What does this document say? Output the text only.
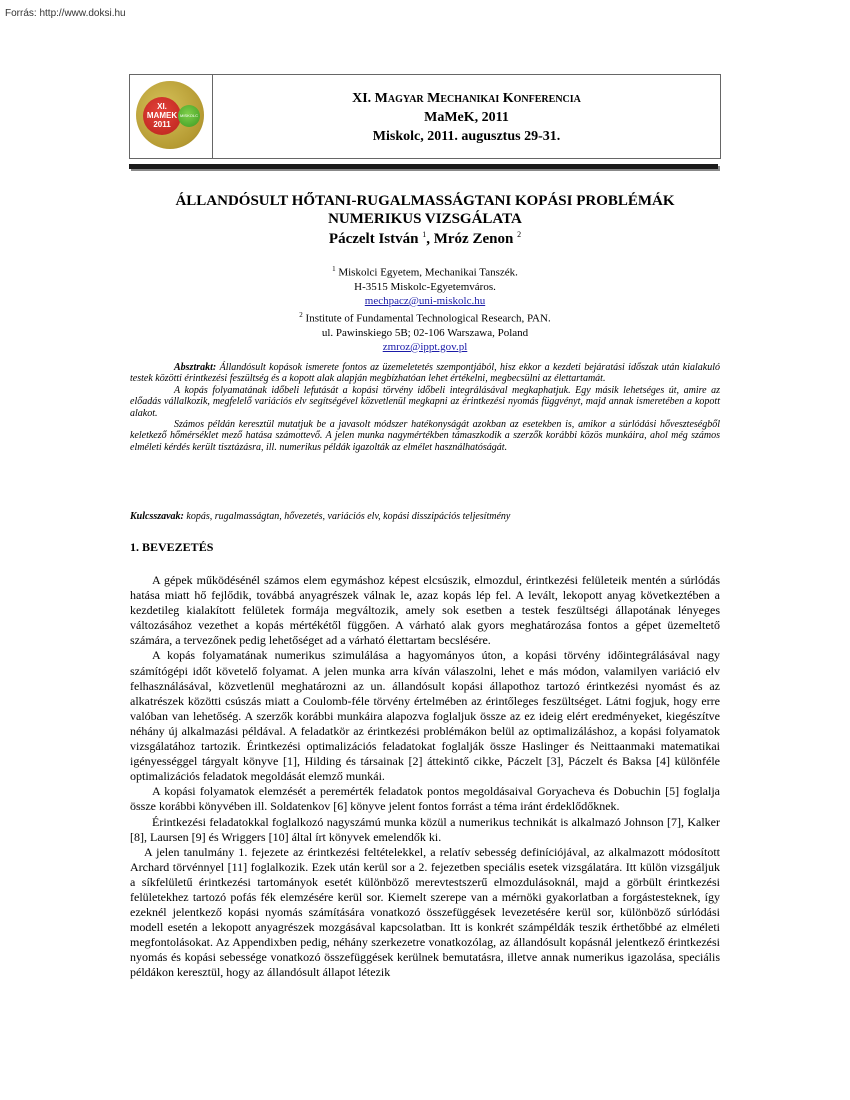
Forrás: http://www.doksi.hu
XI.
MAMEK
2011
MISKOLC
XI. Magyar Mechanikai Konferencia
MaMeK, 2011
Miskolc, 2011. augusztus 29-31.
ÁLLANDÓSULT HŐTANI-RUGALMASSÁGTANI KOPÁSI PROBLÉMÁK
NUMERIKUS VIZSGÁLATA
Páczelt István $^1$, Mróz Zenon $^2$
$^1$ Miskolci Egyetem, Mechanikai Tanszék.
H-3515 Miskolc-Egyetemváros.
mechpacz@uni-miskolc.hu
$^2$ Institute of Fundamental Technological Research, PAN.
ul. Pawinskiego 5B; 02-106 Warszawa, Poland
zmroz@ippt.gov.pl

Absztrakt: Állandósult kopások ismerete fontos az üzemeletetés szempontjából, hisz ekkor a kezdeti bejáratási időszak után kialakuló testek közötti érintkezési feszültség és a kopott alak alapján megbízhatóan lehet értékelni, megbecsülni az élettartamát.

A kopás folyamatának időbeli lefutását a kopási törvény időbeli integrálásával megkaphatjuk. Egy másik lehetséges út, amire az előadás vállalkozik, megfelelő variációs elv segítségével közvetlenül megkapni az érintkezési nyomás függvényt, majd annak ismeretében a kopott alakot.

Számos példán keresztül mutatjuk be a javasolt módszer hatékonyságát azokban az esetekben is, amikor a súrlódási hőveszteségből keletkező hőmérséklet mező hatása számottevő. A jelen munka nagymértékben támaszkodik a szerzők korábbi közös munkáira, ahol még számos elméleti kérdés került tisztázásra, ill. numerikus példák igazolták az elmélet használhatóságát.

Kulcsszavak: kopás, rugalmasságtan, hővezetés, variációs elv, kopási disszipációs teljesítmény
1. BEVEZETÉS

A gépek működésénél számos elem egymáshoz képest elcsúszik, elmozdul, érintkezési felületeik mentén a súrlódás hatása miatt hő fejlődik, továbbá anyagrészek válnak le, azaz kopás lép fel. A levált, lekopott anyag következtében a kezdetileg kialakított felületek formája megváltozik, amely sok esetben a testek feszültségi állapotának lényeges változásához vezethet a kopás mértékétől függően. A várható alak gyors meghatározása fontos a gépet üzemeltető számára, a tervezőnek pedig lehetőséget ad a várható élettartam becslésére.

A kopás folyamatának numerikus szimulálása a hagyományos úton, a kopási törvény időintegrálásával nagy számítógépi időt követelő folyamat. A jelen munka arra kíván válaszolni, lehet e más módon, valamilyen variáció elv felhasználásával, közvetlenül meghatározni az un. állandósult kopási állapothoz tartozó érintkezési nyomást és az alkatrészek közötti csúszás miatt a Coulomb-féle törvény értelmében az érintőleges feszültséget. Látni fogjuk, hogy erre valóban van lehetőség. A szerzők korábbi munkáira alapozva foglaljuk össze az ez ideig elért eredményeket, kiegészítve néhány új alkalmazási példával. A feladatkör az érintkezési problémákon belül az optimalizáláshoz, a kopási folyamatok vizsgálatához tartozik. Érintkezési optimalizációs feladatokat foglalják össze Haslinger és Neittaanmaki matematikai igényességgel tárgyalt könyve [1], Hilding és társainak [2] áttekintő cikke, Páczelt [3], Páczelt és Baksa [4] különféle optimalizációs feladatok megoldását elemző munkái.

A kopási folyamatok elemzését a peremérték feladatok pontos megoldásaival Goryacheva és Dobuchin [5] foglalja össze korábbi könyvében ill. Soldatenkov [6] könyve jelent fontos forrást a téma iránt érdeklődőknek.

Érintkezési feladatokkal foglalkozó nagyszámú munka közül a numerikus technikát is alkalmazó Johnson [7], Kalker [8], Laursen [9] és Wriggers [10] által írt könyvek emelendők ki.

A jelen tanulmány 1. fejezete az érintkezési feltételekkel, a relatív sebesség definíciójával, az alkalmazott módosított Archard törvénnyel [11] foglalkozik. Ezek után kerül sor a 2. fejezetben speciális esetek vizsgálatára. Itt külön vizsgáljuk a síkfelületű érintkezési tartományok esetét különböző merevtestszerű elmozdulásoknál, majd a görbült érintkezési felületekhez tartozó pofás fék elemzésére kerül sor. Kiemelt szerepe van a mérnöki gyakorlatban a forgástesteknek, így ezeknél jelentkező kopási nyomás számítására vonatkozó összefüggések levezetésére kerül sor, különböző súrlódási modell esetén a lekopott anyagrészek mozgásával kapcsolatban. Itt is konkrét számpéldák teszik érthetőbbé az elméleti megfontolásokat. Az Appendixben pedig, néhány szerkezetre vonatkozólag, az állandósult kopásnál jelentkező érintkezési nyomás és kopási sebessége vonatkozó összefüggések kerülnek bemutatásra, illetve annak numerikus igazolása, speciális példákon keresztül, hogy az állandósult állapot létezik
